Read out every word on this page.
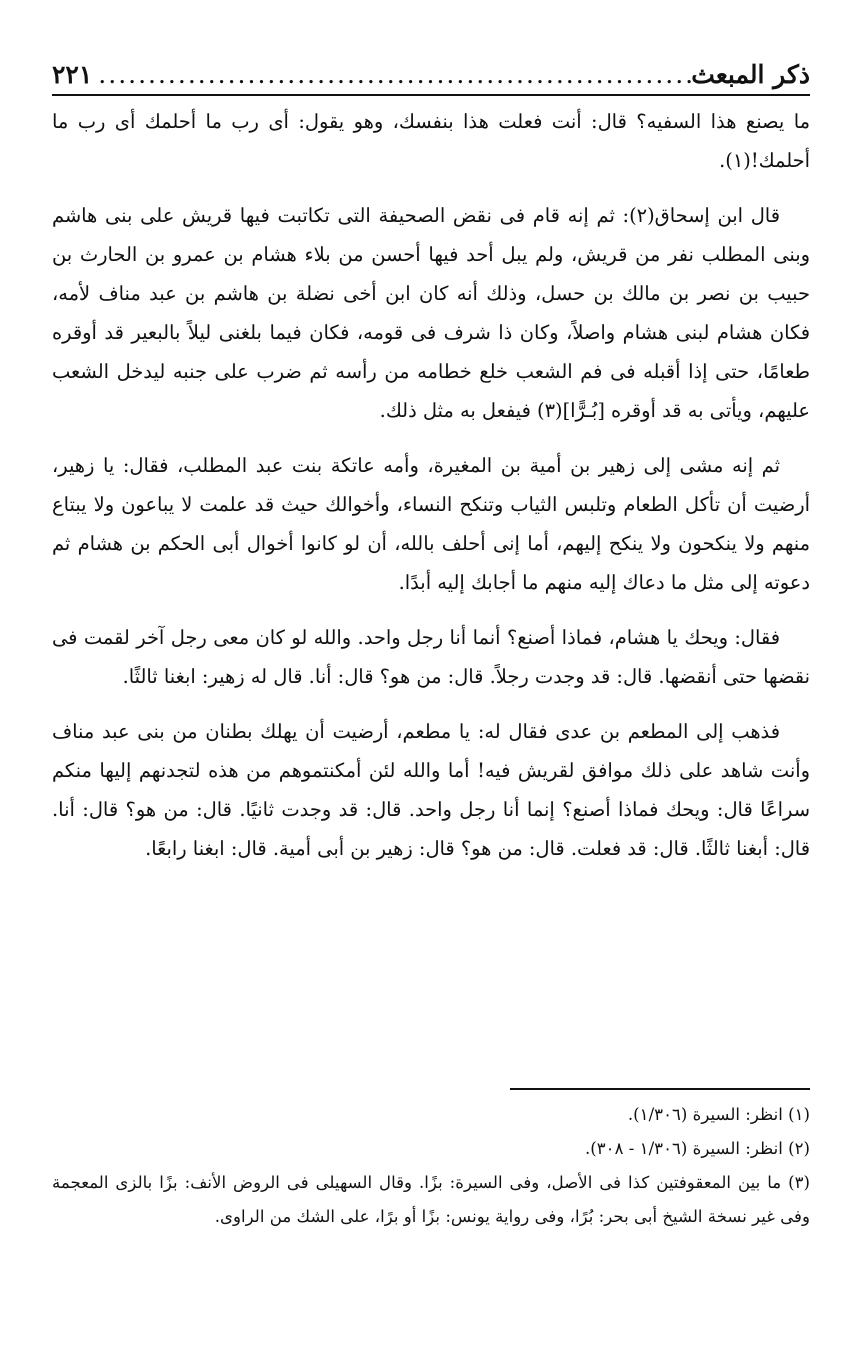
ذكر المبعث
.....
٢٢١

ما يصنع هذا السفيه؟ قال: أنت فعلت هذا بنفسك، وهو يقول: أى رب ما أحلمك أى رب ما أحلمك!(١).

قال ابن إسحاق(٢): ثم إنه قام فى نقض الصحيفة التى تكاتبت فيها قريش على بنى هاشم وبنى المطلب نفر من قريش، ولم يبل أحد فيها أحسن من بلاء هشام بن عمرو بن الحارث بن حبيب بن نصر بن مالك بن حسل، وذلك أنه كان ابن أخى نضلة بن هاشم بن عبد مناف لأمه، فكان هشام لبنى هشام واصلاً، وكان ذا شرف فى قومه، فكان فيما بلغنى ليلاً بالبعير قد أوقره طعامًا، حتى إذا أقبله فى فم الشعب خلع خطامه من رأسه ثم ضرب على جنبه ليدخل الشعب عليهم، ويأتى به قد أوقره [بُـرًّا](٣) فيفعل به مثل ذلك.

ثم إنه مشى إلى زهير بن أمية بن المغيرة، وأمه عاتكة بنت عبد المطلب، فقال: يا زهير، أرضيت أن تأكل الطعام وتلبس الثياب وتنكح النساء، وأخوالك حيث قد علمت لا يباعون ولا يبتاع منهم ولا ينكحون ولا ينكح إليهم، أما إنى أحلف بالله، أن لو كانوا أخوال أبى الحكم بن هشام ثم دعوته إلى مثل ما دعاك إليه منهم ما أجابك إليه أبدًا.

فقال: ويحك يا هشام، فماذا أصنع؟ أنما أنا رجل واحد. والله لو كان معى رجل آخر لقمت فى نقضها حتى أنقضها. قال: قد وجدت رجلاً. قال: من هو؟ قال: أنا. قال له زهير: ابغنا ثالثًا.

فذهب إلى المطعم بن عدى فقال له: يا مطعم، أرضيت أن يهلك بطنان من بنى عبد مناف وأنت شاهد على ذلك موافق لقريش فيه! أما والله لئن أمكنتموهم من هذه لتجدنهم إليها منكم سراعًا قال: ويحك فماذا أصنع؟ إنما أنا رجل واحد. قال: قد وجدت ثانيًا. قال: من هو؟ قال: أنا. قال: أبغنا ثالثًا. قال: قد فعلت. قال: من هو؟ قال: زهير بن أبى أمية. قال: ابغنا رابعًا.

(١) انظر: السيرة (١/٣٠٦).

(٢) انظر: السيرة (١/٣٠٦ - ٣٠٨).

(٣) ما بين المعقوفتين كذا فى الأصل، وفى السيرة: بزًا. وقال السهيلى فى الروض الأنف: بزًا بالزى المعجمة وفى غير نسخة الشيخ أبى بحر: بُرًا، وفى رواية يونس: بزًا أو برًا، على الشك من الراوى.
